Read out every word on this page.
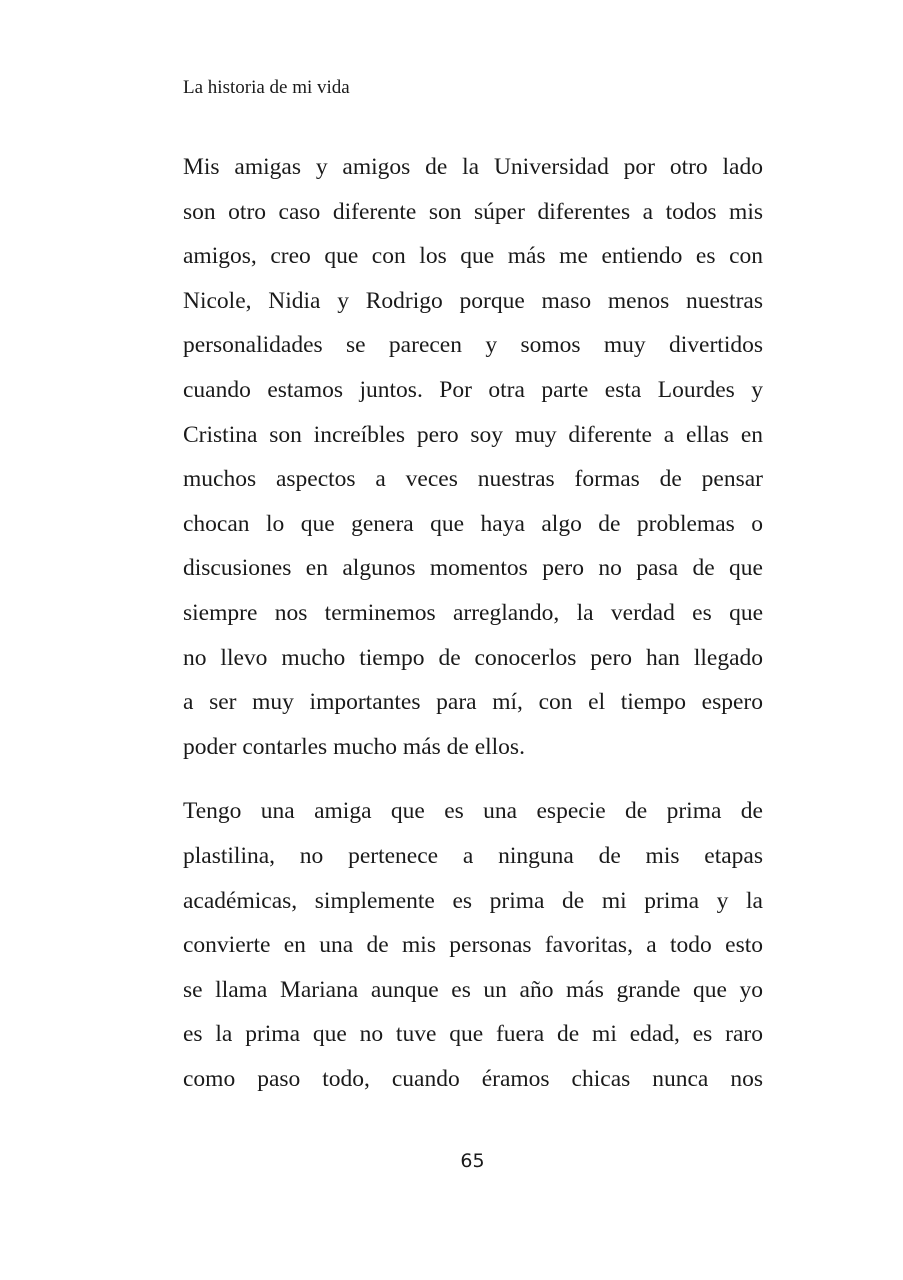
La historia de mi vida

Mis amigas y amigos de la Universidad por otro lado
son otro caso diferente son súper diferentes a todos mis
amigos, creo que con los que más me entiendo es con
Nicole, Nidia y Rodrigo porque maso menos nuestras
personalidades se parecen y somos muy divertidos
cuando estamos juntos. Por otra parte esta Lourdes y
Cristina son increíbles pero soy muy diferente a ellas en
muchos aspectos a veces nuestras formas de pensar
chocan lo que genera que haya algo de problemas o
discusiones en algunos momentos pero no pasa de que
siempre nos terminemos arreglando, la verdad es que
no llevo mucho tiempo de conocerlos pero han llegado
a ser muy importantes para mí, con el tiempo espero
poder contarles mucho más de ellos.

Tengo una amiga que es una especie de prima de
plastilina, no pertenece a ninguna de mis etapas
académicas, simplemente es prima de mi prima y la
convierte en una de mis personas favoritas, a todo esto
se llama Mariana aunque es un año más grande que yo
es la prima que no tuve que fuera de mi edad, es raro
como paso todo, cuando éramos chicas nunca nos

65
